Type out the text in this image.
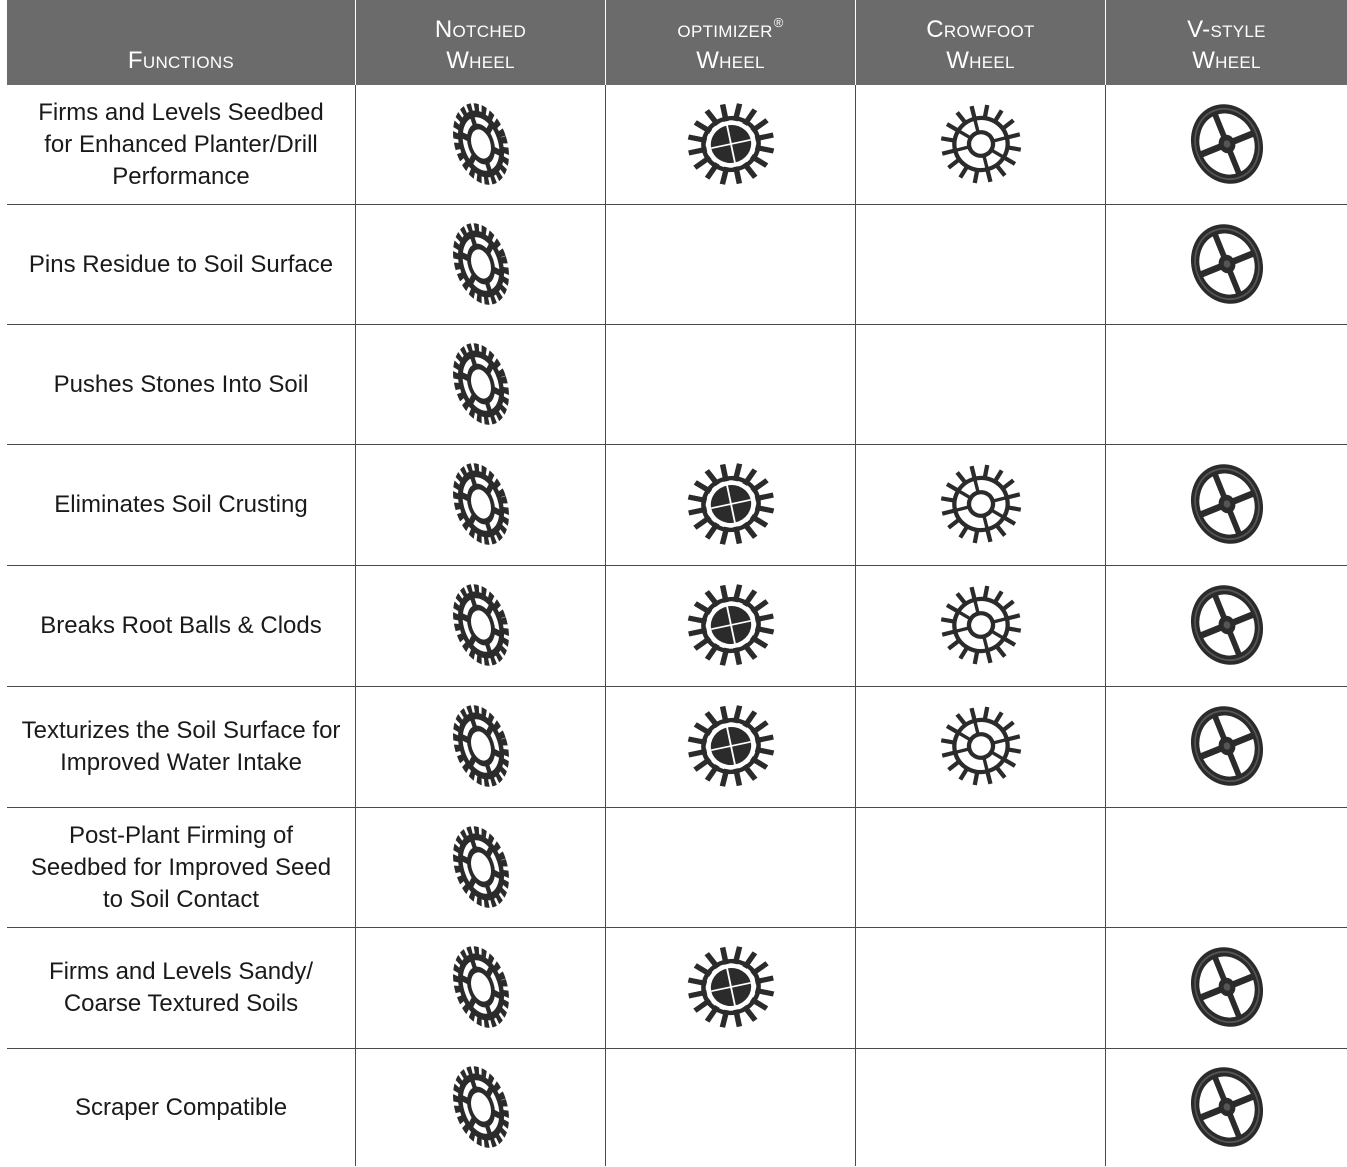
Functions
Notched
Wheel
optimizer®
Wheel
Crowfoot
Wheel
V-style
Wheel
Firms and Levels Seedbed
for Enhanced Planter/Drill
Performance
Pins Residue to Soil Surface
Pushes Stones Into Soil
Eliminates Soil Crusting
Breaks Root Balls & Clods
Texturizes the Soil Surface for
Improved Water Intake
Post-Plant Firming of
Seedbed for Improved Seed
to Soil Contact
Firms and Levels Sandy/
Coarse Textured Soils
Scraper Compatible
